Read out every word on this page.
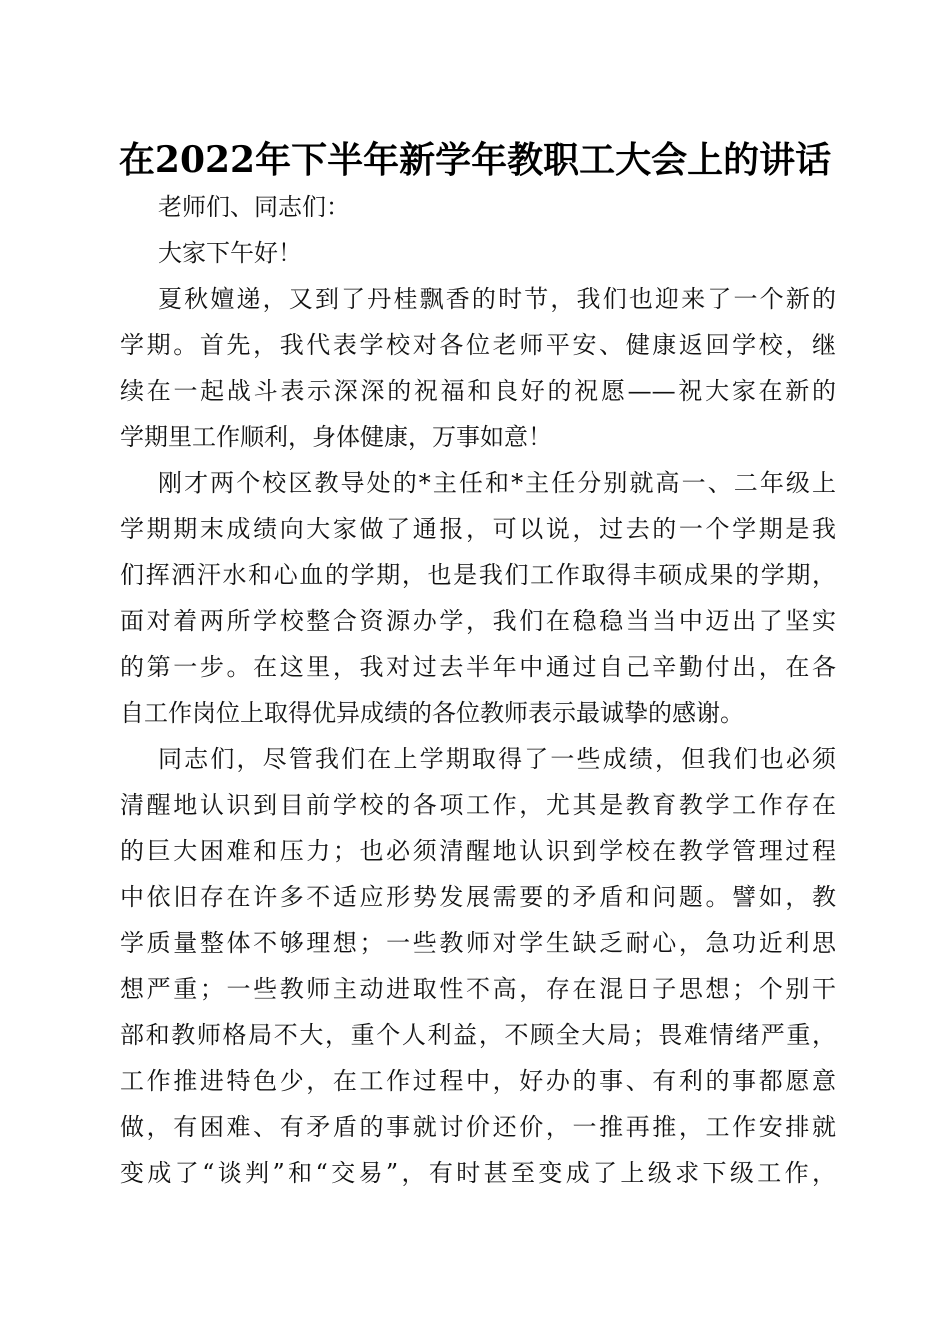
在2022年下半年新学年教职工大会上的讲话
老师们、同志们：
大家下午好！
夏秋嬗递，又到了丹桂飘香的时节，我们也迎来了一个新的
学期。首先，我代表学校对各位老师平安、健康返回学校，继
续在一起战斗表示深深的祝福和良好的祝愿——祝大家在新的
学期里工作顺利，身体健康，万事如意！
刚才两个校区教导处的*主任和*主任分别就高一、二年级上
学期期末成绩向大家做了通报，可以说，过去的一个学期是我
们挥洒汗水和心血的学期，也是我们工作取得丰硕成果的学期，
面对着两所学校整合资源办学，我们在稳稳当当中迈出了坚实
的第一步。在这里，我对过去半年中通过自己辛勤付出，在各
自工作岗位上取得优异成绩的各位教师表示最诚挚的感谢。
同志们，尽管我们在上学期取得了一些成绩，但我们也必须
清醒地认识到目前学校的各项工作，尤其是教育教学工作存在
的巨大困难和压力；也必须清醒地认识到学校在教学管理过程
中依旧存在许多不适应形势发展需要的矛盾和问题。譬如，教
学质量整体不够理想；一些教师对学生缺乏耐心，急功近利思
想严重；一些教师主动进取性不高，存在混日子思想；个别干
部和教师格局不大，重个人利益，不顾全大局；畏难情绪严重，
工作推进特色少，在工作过程中，好办的事、有利的事都愿意
做，有困难、有矛盾的事就讨价还价，一推再推，工作安排就
变成了“谈判”和“交易”，有时甚至变成了上级求下级工作，
